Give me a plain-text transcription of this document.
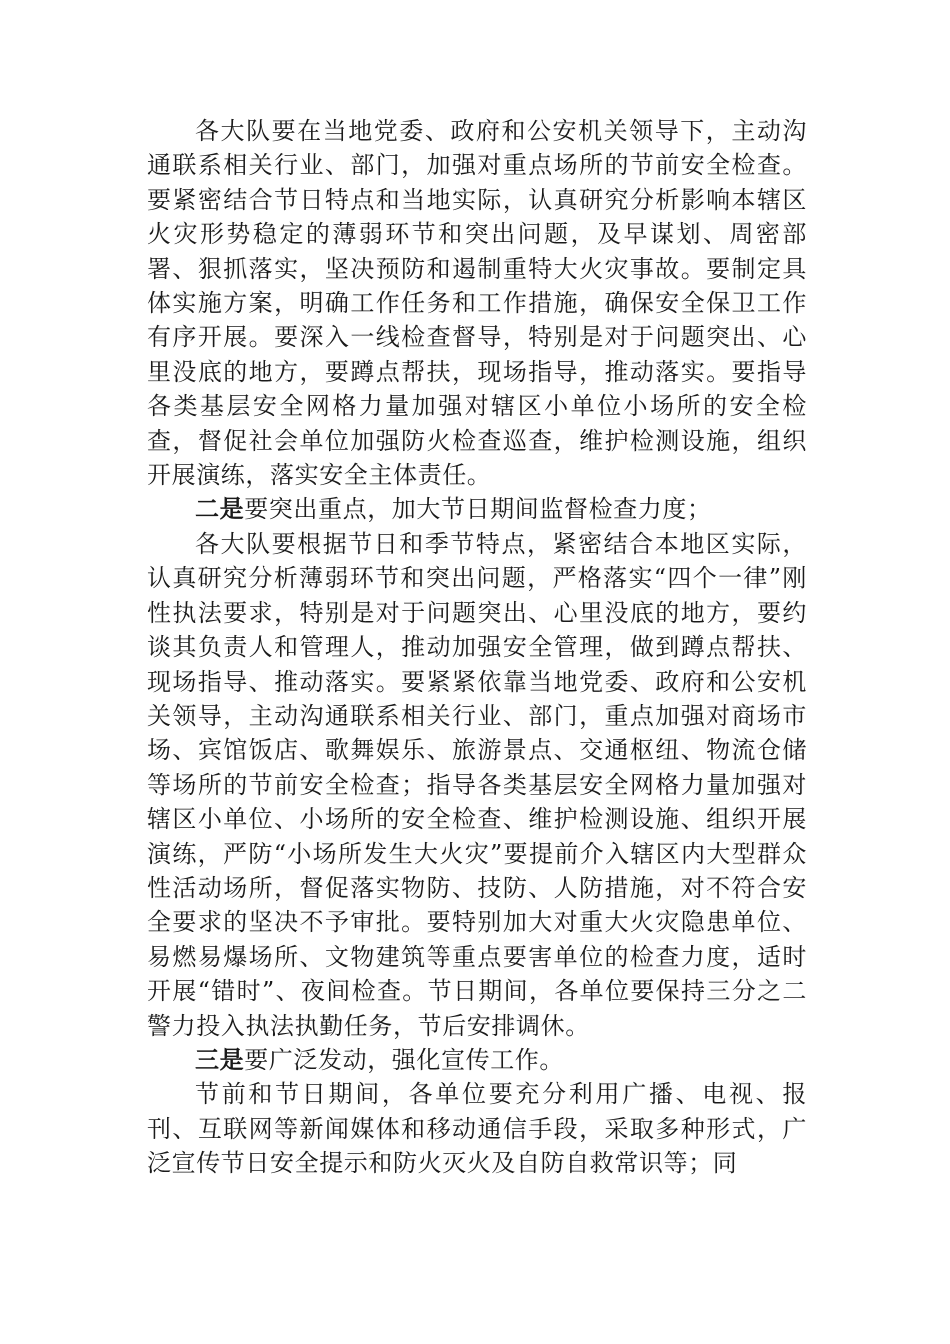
各大队要在当地党委、政府和公安机关领导下，主动沟通联系相关行业、部门，加强对重点场所的节前安全检查。要紧密结合节日特点和当地实际，认真研究分析影响本辖区火灾形势稳定的薄弱环节和突出问题，及早谋划、周密部署、狠抓落实，坚决预防和遏制重特大火灾事故。要制定具体实施方案，明确工作任务和工作措施，确保安全保卫工作有序开展。要深入一线检查督导，特别是对于问题突出、心里没底的地方，要蹲点帮扶，现场指导，推动落实。要指导各类基层安全网格力量加强对辖区小单位小场所的安全检查，督促社会单位加强防火检查巡查，维护检测设施，组织开展演练，落实安全主体责任。

二是要突出重点，加大节日期间监督检查力度；

各大队要根据节日和季节特点，紧密结合本地区实际，认真研究分析薄弱环节和突出问题，严格落实“四个一律”刚性执法要求，特别是对于问题突出、心里没底的地方，要约谈其负责人和管理人，推动加强安全管理，做到蹲点帮扶、现场指导、推动落实。要紧紧依靠当地党委、政府和公安机关领导，主动沟通联系相关行业、部门，重点加强对商场市场、宾馆饭店、歌舞娱乐、旅游景点、交通枢纽、物流仓储等场所的节前安全检查；指导各类基层安全网格力量加强对辖区小单位、小场所的安全检查、维护检测设施、组织开展演练，严防“小场所发生大火灾”要提前介入辖区内大型群众性活动场所，督促落实物防、技防、人防措施，对不符合安全要求的坚决不予审批。要特别加大对重大火灾隐患单位、易燃易爆场所、文物建筑等重点要害单位的检查力度，适时开展“错时”、夜间检查。节日期间，各单位要保持三分之二警力投入执法执勤任务，节后安排调休。

三是要广泛发动，强化宣传工作。

节前和节日期间，各单位要充分利用广播、电视、报刊、互联网等新闻媒体和移动通信手段，采取多种形式，广泛宣传节日安全提示和防火灭火及自防自救常识等；同
